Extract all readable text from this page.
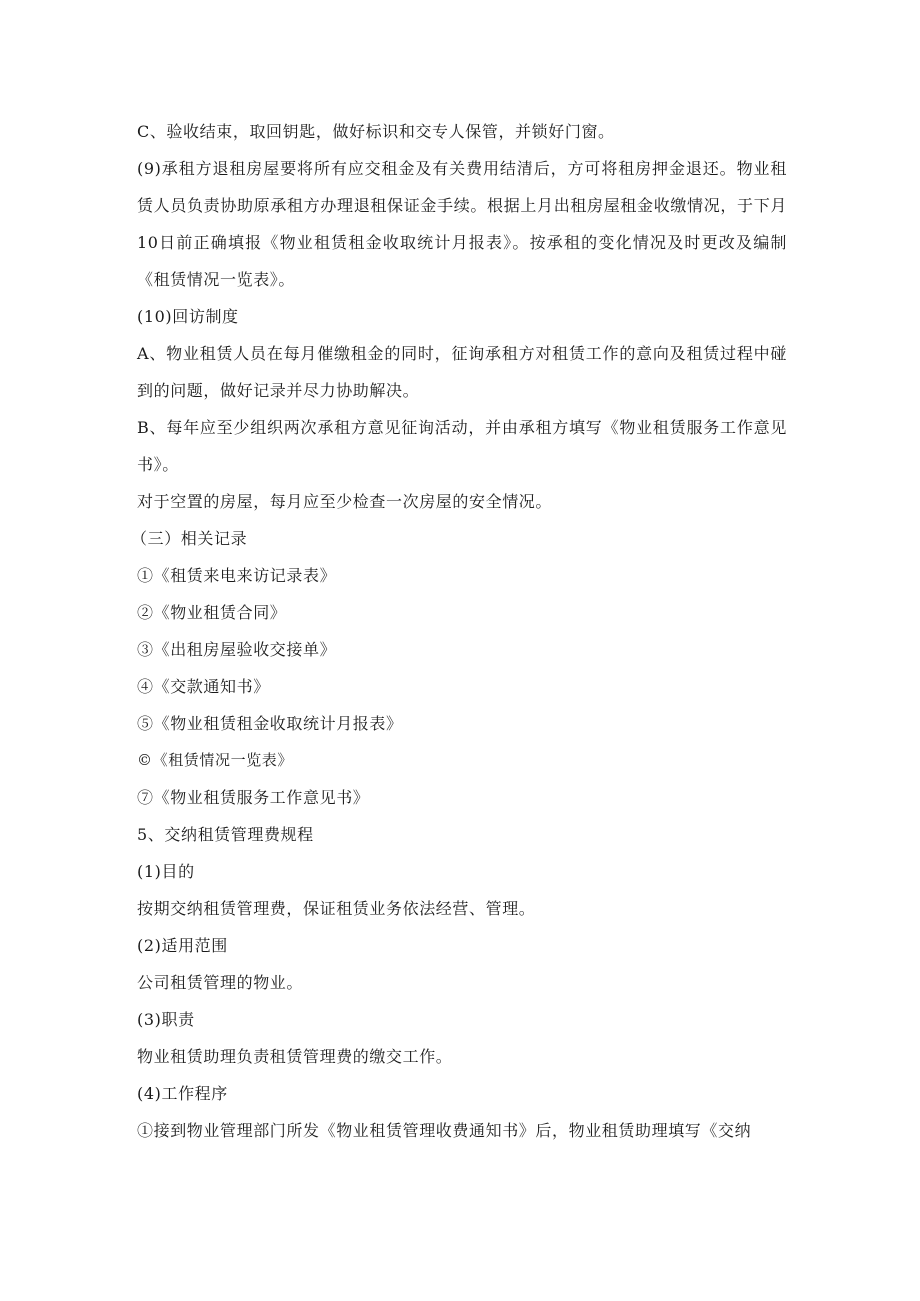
C、验收结束，取回钥匙，做好标识和交专人保管，并锁好门窗。

(9)承租方退租房屋要将所有应交租金及有关费用结清后，方可将租房押金退还。物业租赁人员负责协助原承租方办理退租保证金手续。根据上月出租房屋租金收缴情况，于下月10日前正确填报《物业租赁租金收取统计月报表》。按承租的变化情况及时更改及编制《租赁情况一览表》。

(10)回访制度

A、物业租赁人员在每月催缴租金的同时，征询承租方对租赁工作的意向及租赁过程中碰到的问题，做好记录并尽力协助解决。

B、每年应至少组织两次承租方意见征询活动，并由承租方填写《物业租赁服务工作意见书》。

对于空置的房屋，每月应至少检查一次房屋的安全情况。

（三）相关记录

①《租赁来电来访记录表》

②《物业租赁合同》

③《出租房屋验收交接单》

④《交款通知书》

⑤《物业租赁租金收取统计月报表》

©《租赁情况一览表》

⑦《物业租赁服务工作意见书》

5、交纳租赁管理费规程

(1)目的

按期交纳租赁管理费，保证租赁业务依法经营、管理。

(2)适用范围

公司租赁管理的物业。

(3)职责

物业租赁助理负责租赁管理费的缴交工作。

(4)工作程序

①接到物业管理部门所发《物业租赁管理收费通知书》后，物业租赁助理填写《交纳
